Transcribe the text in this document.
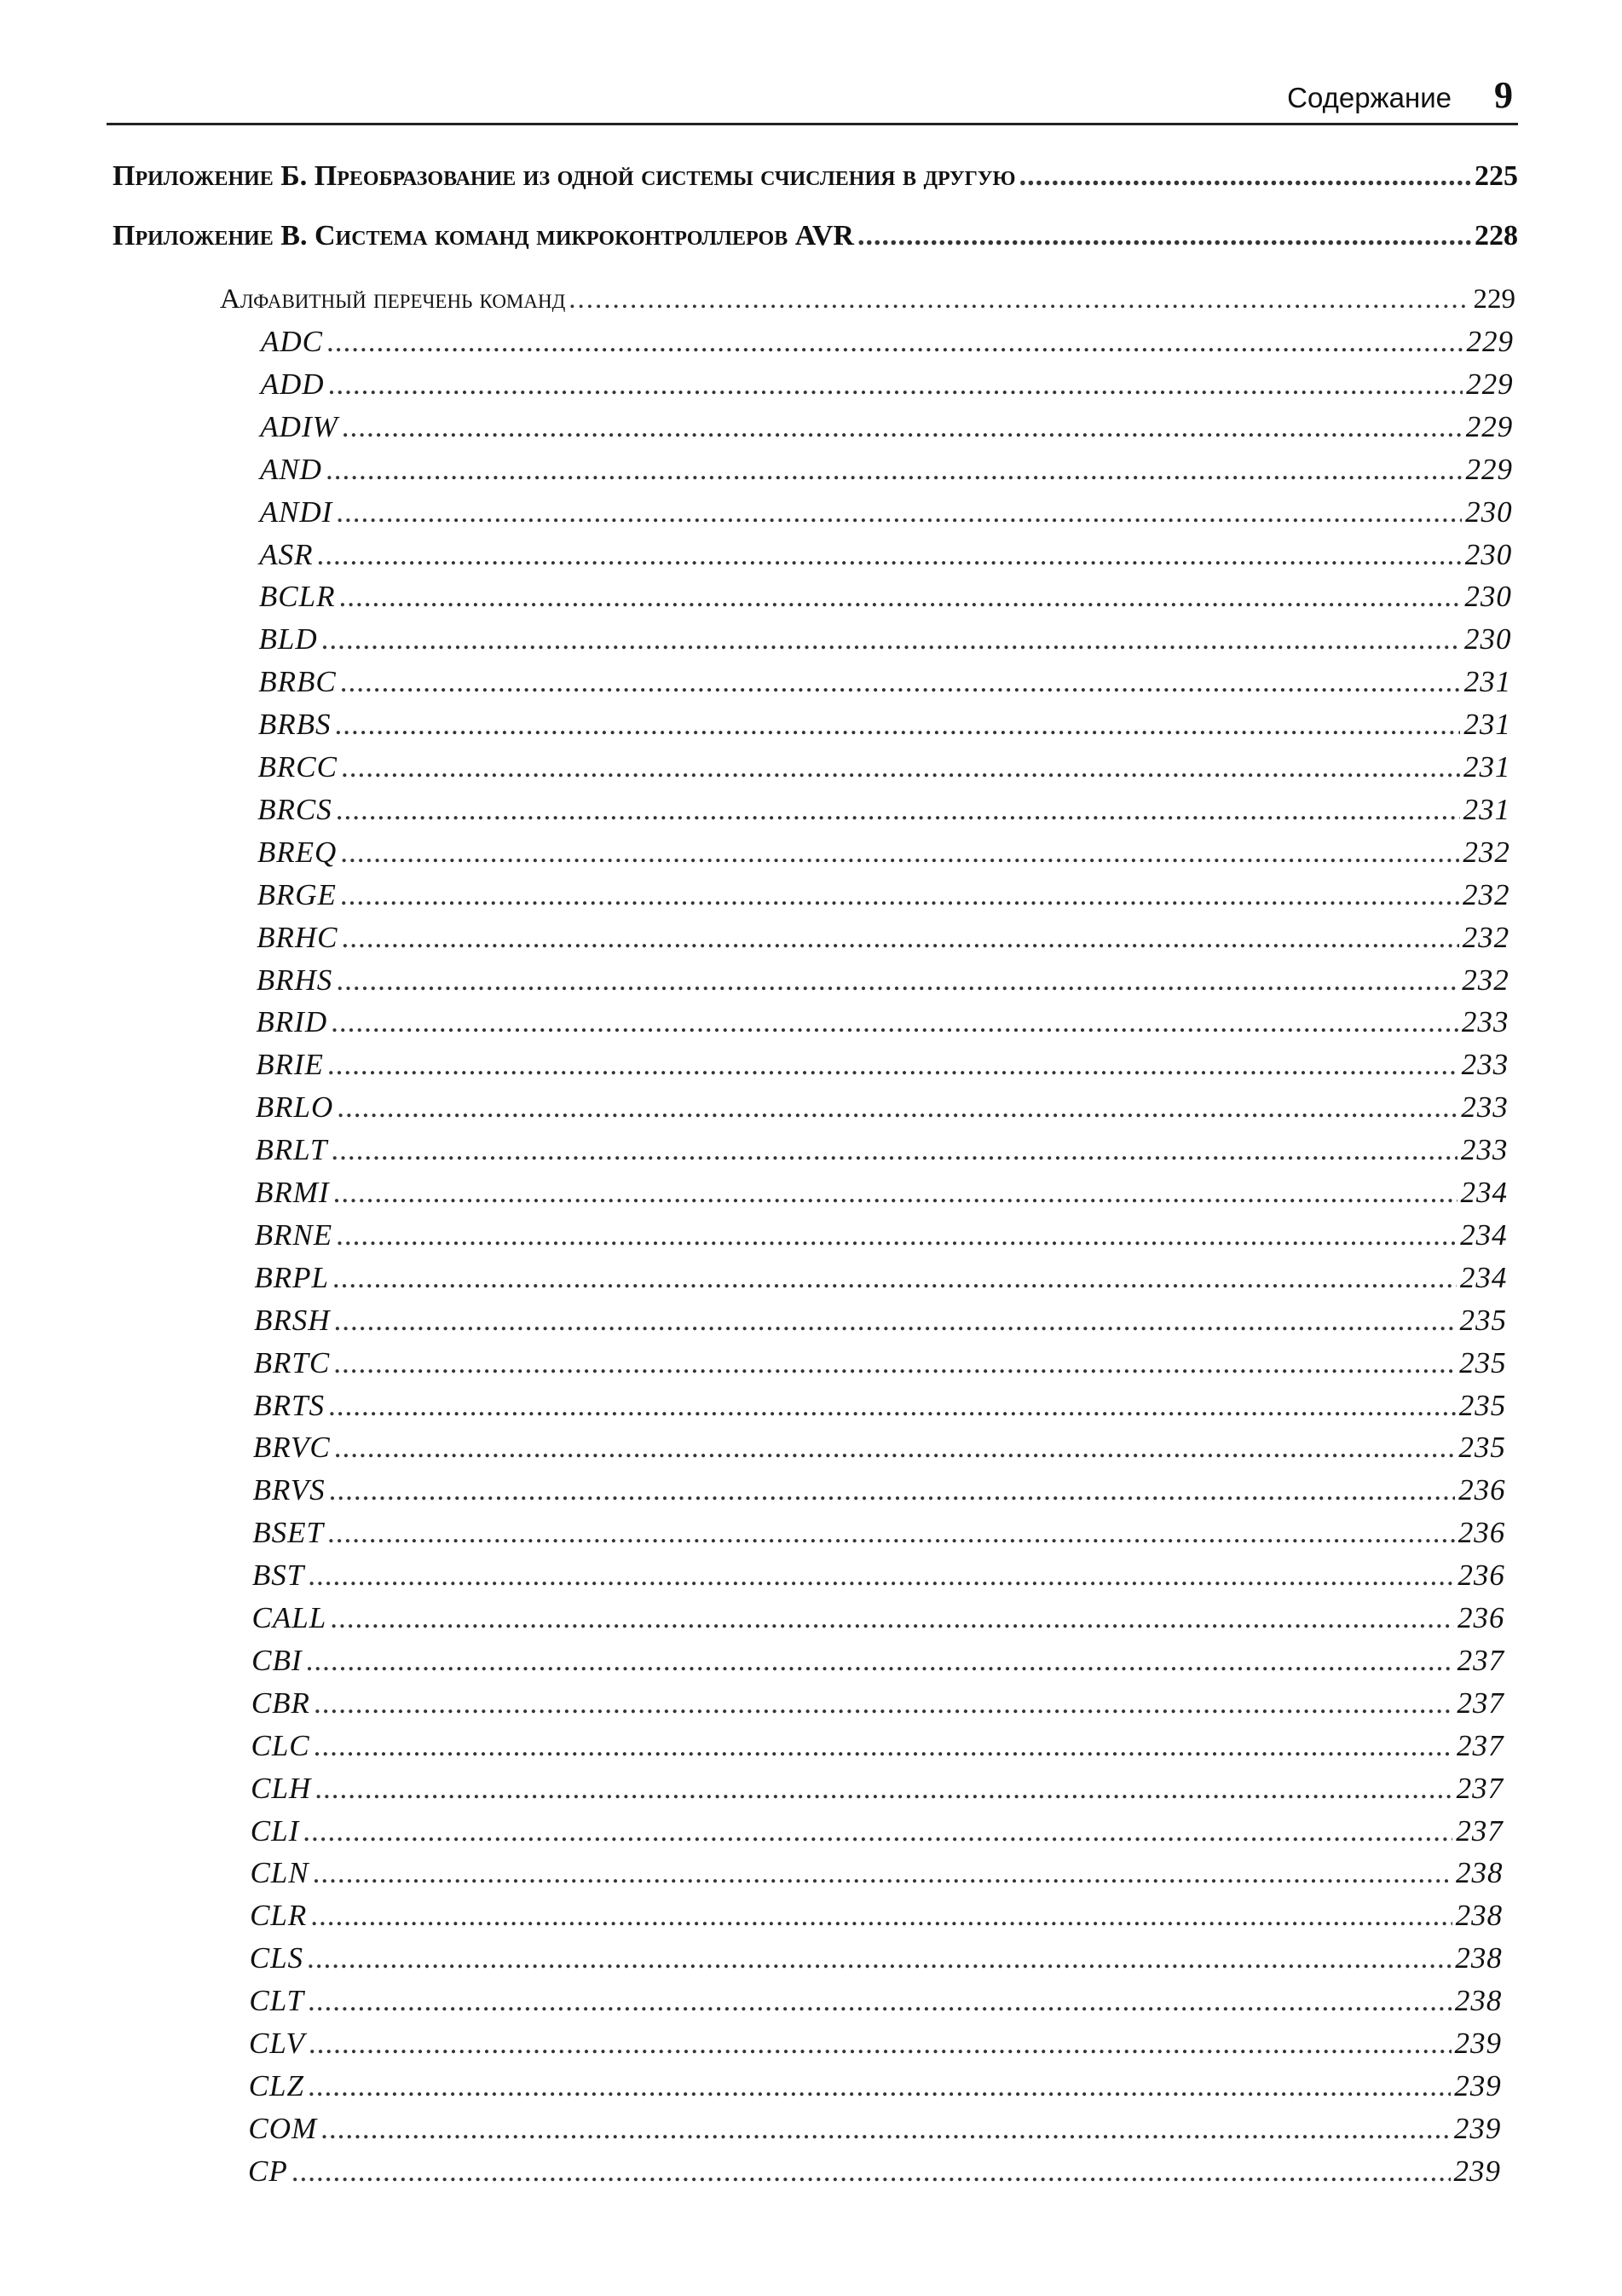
Содержание 9
Приложение Б. Преобразование из одной системы счисления в другую .....	225
Приложение В. Система команд микроконтроллеров AVR .....	228
Алфавитный перечень команд .....	229
ADC .....	229
ADD .....	229
ADIW .....	229
AND .....	229
ANDI .....	230
ASR .....	230
BCLR .....	230
BLD .....	230
BRBC .....	231
BRBS .....	231
BRCC .....	231
BRCS .....	231
BREQ .....	232
BRGE .....	232
BRHC .....	232
BRHS .....	232
BRID .....	233
BRIE .....	233
BRLO .....	233
BRLT .....	233
BRMI .....	234
BRNE .....	234
BRPL .....	234
BRSH .....	235
BRTC .....	235
BRTS .....	235
BRVC .....	235
BRVS .....	236
BSET .....	236
BST .....	236
CALL .....	236
CBI .....	237
CBR .....	237
CLC .....	237
CLH .....	237
CLI .....	237
CLN .....	238
CLR .....	238
CLS .....	238
CLT .....	238
CLV .....	239
CLZ .....	239
COM .....	239
CP .....	239
